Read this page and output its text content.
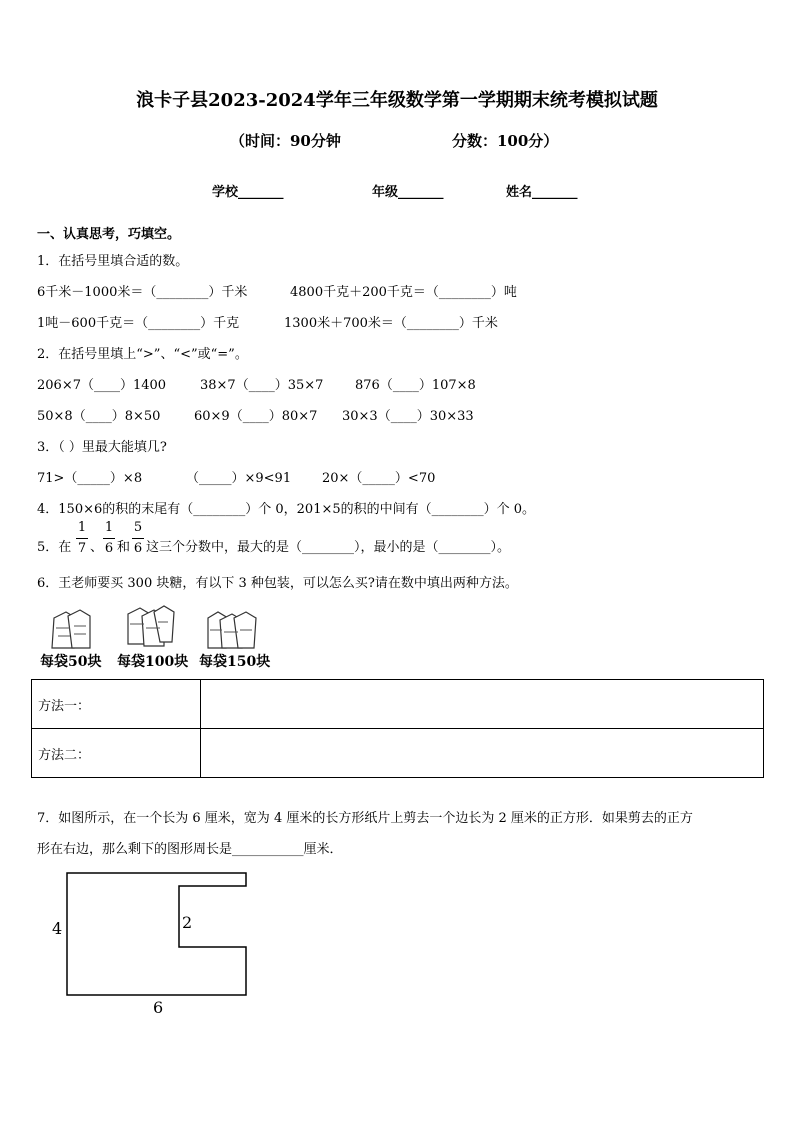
浪卡子县2023-2024学年三年级数学第一学期期末统考模拟试题
（时间：90分钟	分数：100分）
学校_______	年级_______	姓名_______
一、认真思考，巧填空。
1．在括号里填合适的数。
6千米－1000米＝（________）千米	4800千克＋200千克＝（________）吨
1吨－600千克＝（________）千克	1300米＋700米＝（________）千米
2．在括号里填上“>”、“<”或“=”。
206×7（____）1400	38×7（____）35×7 876（____）107×8
50×8（____）8×50	60×9（____）80×7 30×3（____）30×33
3．（ ）里最大能填几?
71>（_____）×8	（_____）×9<91 20×（_____）<70
4．150×6的积的末尾有（________）个 0，201×5的积的中间有（________）个 0。
5．在
1
7 、
1
6 和
5
6 这三个分数中，最大的是（________），最小的是（________）。
6．王老师要买 300 块糖，有以下 3 种包装，可以怎么买?请在数中填出两种方法。
每袋50块 每袋100块 每袋150块
方法一：	
方法二：	
7．如图所示，在一个长为 6 厘米，宽为 4 厘米的长方形纸片上剪去一个边长为 2 厘米的正方形．如果剪去的正方
形在右边，那么剩下的图形周长是___________厘米．
4	2
6
